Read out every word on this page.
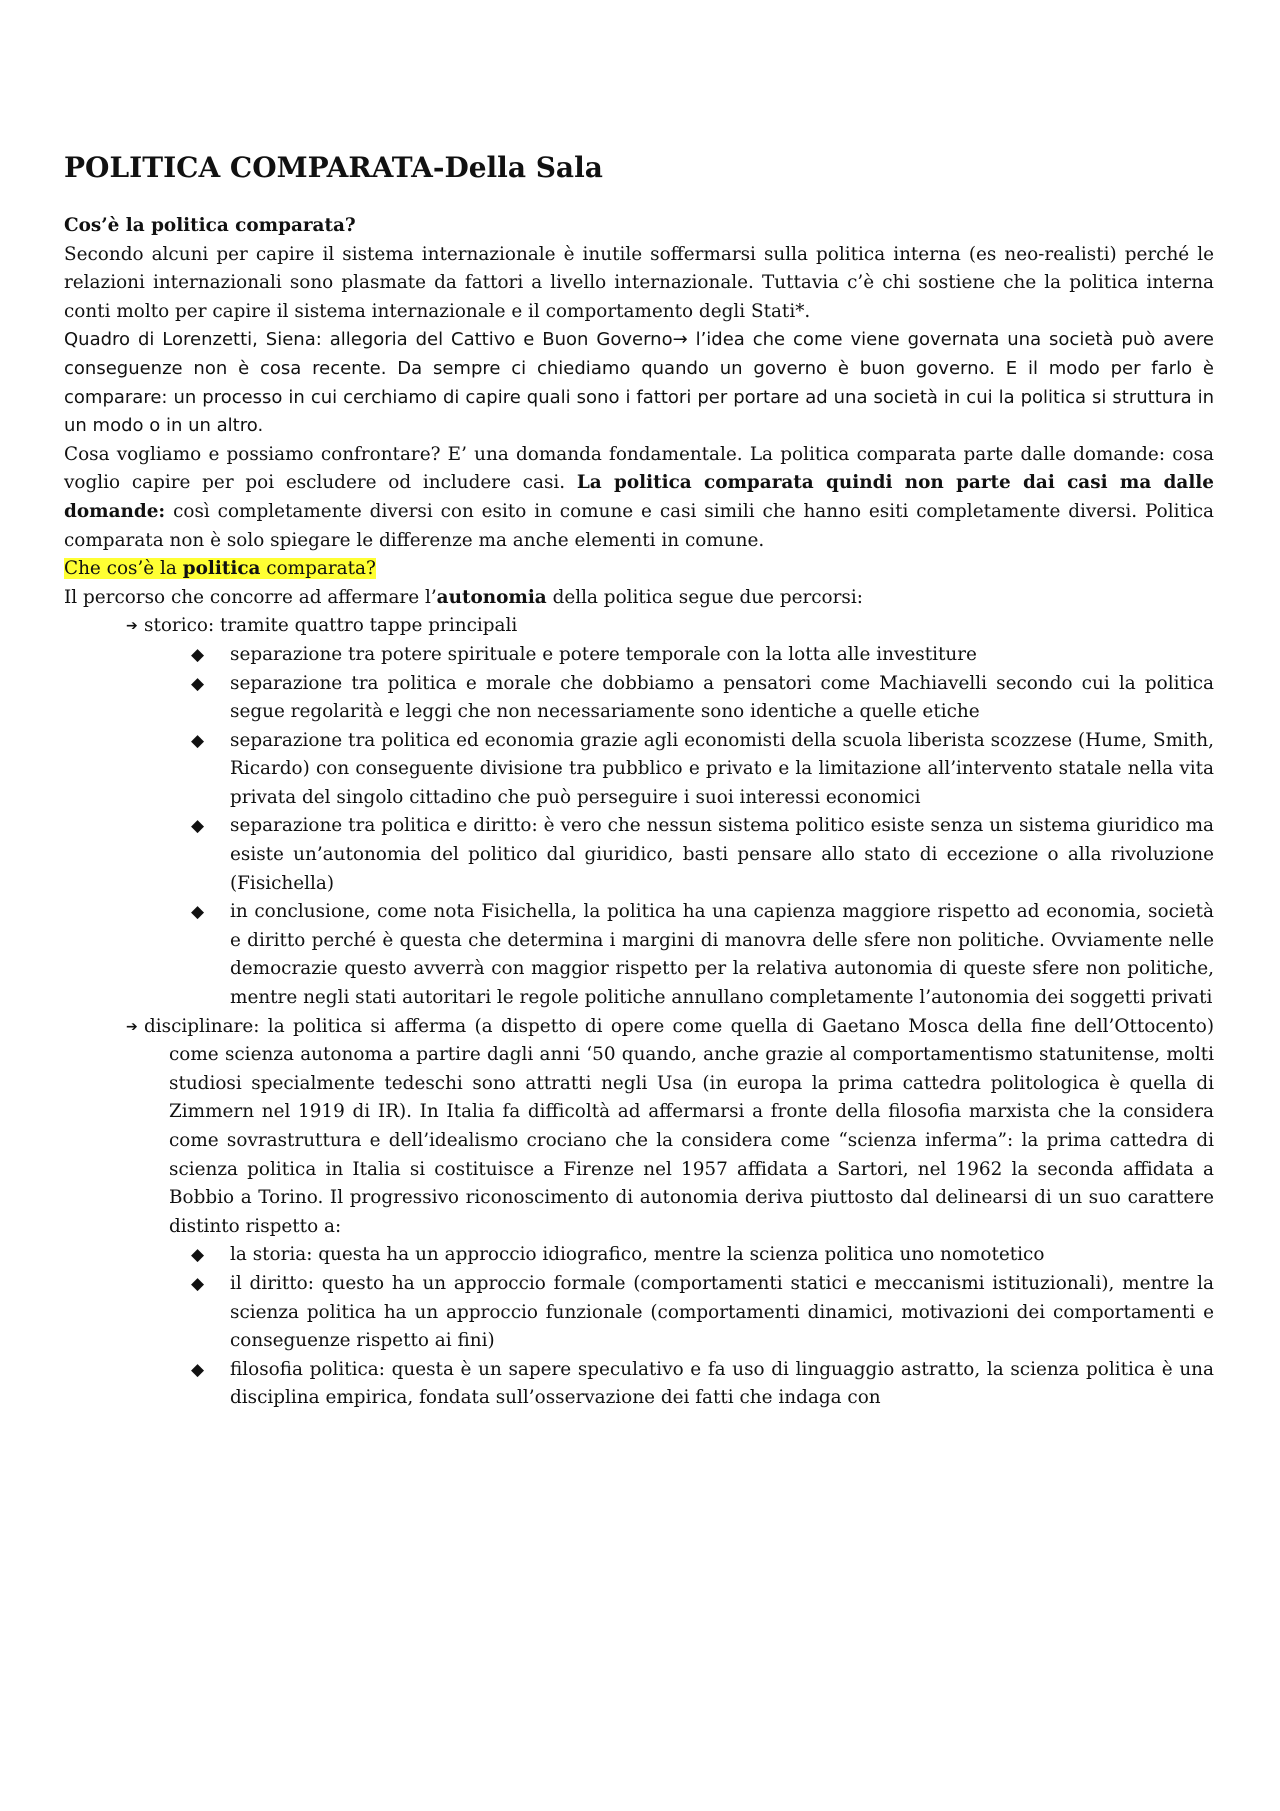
POLITICA COMPARATA-Della Sala

Cos’è la politica comparata?

Secondo alcuni per capire il sistema internazionale è inutile soffermarsi sulla politica interna (es neo-realisti) perché le relazioni internazionali sono plasmate da fattori a livello internazionale. Tuttavia c’è chi sostiene che la politica interna conti molto per capire il sistema internazionale e il comportamento degli Stati*.

Quadro di Lorenzetti, Siena: allegoria del Cattivo e Buon Governo→ l’idea che come viene governata una società può avere conseguenze non è cosa recente. Da sempre ci chiediamo quando un governo è buon governo. E il modo per farlo è comparare: un processo in cui cerchiamo di capire quali sono i fattori per portare ad una società in cui la politica si struttura in un modo o in un altro.

Cosa vogliamo e possiamo confrontare? E’ una domanda fondamentale. La politica comparata parte dalle domande: cosa voglio capire per poi escludere od includere casi. La politica comparata quindi non parte dai casi ma dalle domande: così completamente diversi con esito in comune e casi simili che hanno esiti completamente diversi. Politica comparata non è solo spiegare le differenze ma anche elementi in comune.

Che cos’è la politica comparata?

Il percorso che concorre ad affermare l’autonomia della politica segue due percorsi:

➔ storico: tramite quattro tappe principali
◆ separazione tra potere spirituale e potere temporale con la lotta alle investiture
◆ separazione tra politica e morale che dobbiamo a pensatori come Machiavelli secondo cui la politica segue regolarità e leggi che non necessariamente sono identiche a quelle etiche
◆ separazione tra politica ed economia grazie agli economisti della scuola liberista scozzese (Hume, Smith, Ricardo) con conseguente divisione tra pubblico e privato e la limitazione all’intervento statale nella vita privata del singolo cittadino che può perseguire i suoi interessi economici
◆ separazione tra politica e diritto: è vero che nessun sistema politico esiste senza un sistema giuridico ma esiste un’autonomia del politico dal giuridico, basti pensare allo stato di eccezione o alla rivoluzione (Fisichella)
◆ in conclusione, come nota Fisichella, la politica ha una capienza maggiore rispetto ad economia, società e diritto perché è questa che determina i margini di manovra delle sfere non politiche. Ovviamente nelle democrazie questo avverrà con maggior rispetto per la relativa autonomia di queste sfere non politiche, mentre negli stati autoritari le regole politiche annullano completamente l’autonomia dei soggetti privati
➔ disciplinare: la politica si afferma (a dispetto di opere come quella di Gaetano Mosca della fine dell’Ottocento) come scienza autonoma a partire dagli anni ‘50 quando, anche grazie al comportamentismo statunitense, molti studiosi specialmente tedeschi sono attratti negli Usa (in europa la prima cattedra politologica è quella di Zimmern nel 1919 di IR). In Italia fa difficoltà ad affermarsi a fronte della filosofia marxista che la considera come sovrastruttura e dell’idealismo crociano che la considera come “scienza inferma”: la prima cattedra di scienza politica in Italia si costituisce a Firenze nel 1957 affidata a Sartori, nel 1962 la seconda affidata a Bobbio a Torino. Il progressivo riconoscimento di autonomia deriva piuttosto dal delinearsi di un suo carattere distinto rispetto a:

◆ la storia: questa ha un approccio idiografico, mentre la scienza politica uno nomotetico
◆ il diritto: questo ha un approccio formale (comportamenti statici e meccanismi istituzionali), mentre la scienza politica ha un approccio funzionale (comportamenti dinamici, motivazioni dei comportamenti e conseguenze rispetto ai fini)
◆ filosofia politica: questa è un sapere speculativo e fa uso di linguaggio astratto, la scienza politica è una disciplina empirica, fondata sull’osservazione dei fatti che indaga con
